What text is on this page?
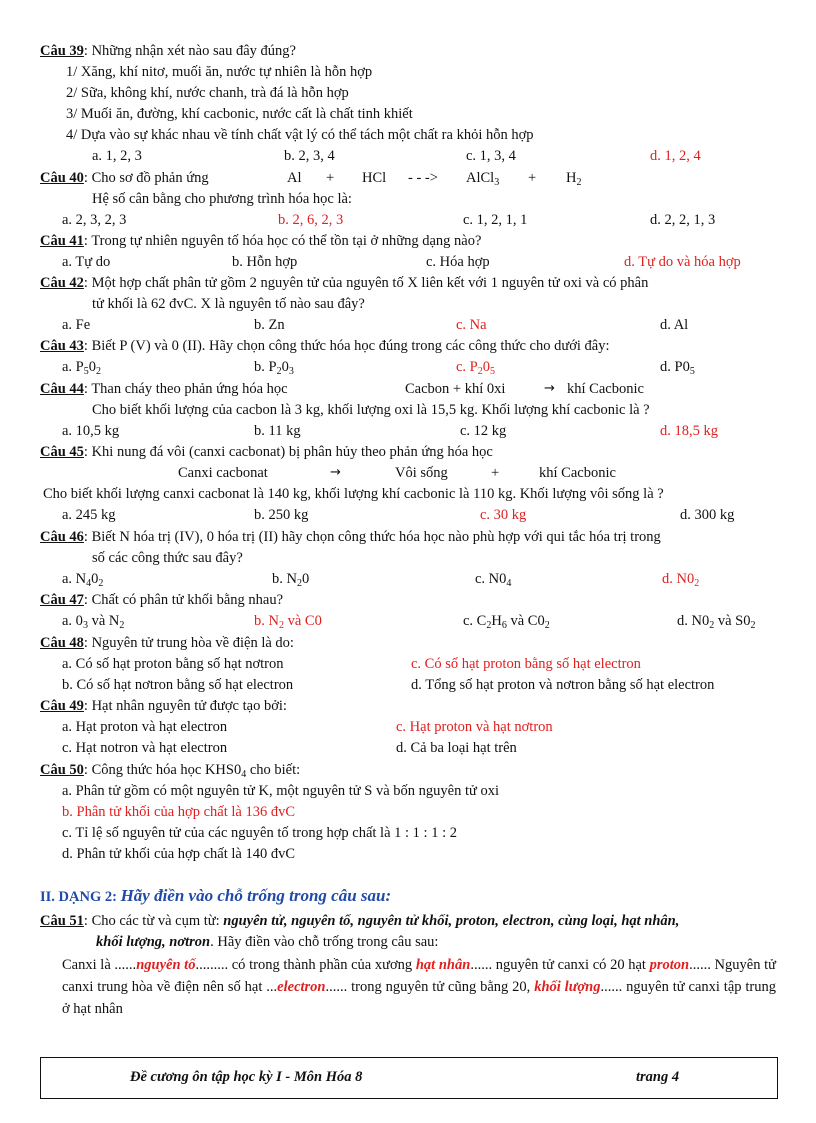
Câu 39: Những nhận xét nào sau đây đúng?
1/ Xăng, khí nitơ, muối ăn, nước tự nhiên là hỗn hợp
2/ Sữa, không khí, nước chanh, trà đá là hỗn hợp
3/ Muối ăn, đường, khí cacbonic, nước cất là chất tinh khiết
4/ Dựa vào sự khác nhau về tính chất vật lý có thể tách một chất ra khỏi hỗn hợp
a. 1, 2, 3	b. 2, 3, 4	c. 1, 3, 4	d. 1, 2, 4
Câu 40: Cho sơ đồ phản ứng	Al + HCl - - -> AlCl$_3$ + $H_2$
Hệ số cân bằng cho phương trình hóa học là:
a. 2, 3, 2, 3	b. 2, 6, 2, 3	c. 1, 2, 1, 1	d. 2, 2, 1, 3
Câu 41: Trong tự nhiên nguyên tố hóa học có thể tồn tại ở những dạng nào?
a. Tự do	b. Hỗn hợp	c. Hóa hợp	d. Tự do và hóa hợp
Câu 42: Một hợp chất phân tử gồm 2 nguyên tử của nguyên tố X liên kết với 1 nguyên tử oxi và có phân
tử khối là 62 đvC. X là nguyên tố nào sau đây?
a. Fe	b. Zn	c. Na	d. Al
Câu 43: Biết P (V) và 0 (II). Hãy chọn công thức hóa học đúng trong các công thức cho dưới đây:
a. $P_50_2$	b. $P_20_3$	c. $P_20_5$	d. $P0_5$
Câu 44: Than cháy theo phản ứng hóa học	Cacbon + khí 0xi	→ khí Cacbonic
Cho biết khối lượng của cacbon là 3 kg, khối lượng oxi là 15,5 kg. Khối lượng khí cacbonic là ?
a. 10,5 kg	b. 11 kg	c. 12 kg	d. 18,5 kg
Câu 45: Khi nung đá vôi (canxi cacbonat) bị phân hủy theo phản ứng hóa học
Canxi cacbonat	→	Vôi sống	+	khí Cacbonic
Cho biết khối lượng canxi cacbonat là 140 kg, khối lượng khí cacbonic là 110 kg. Khối lượng vôi sống là ?
a. 245 kg	b. 250 kg	c. 30 kg	d. 300 kg
Câu 46: Biết N hóa trị (IV), 0 hóa trị (II) hãy chọn công thức hóa học nào phù hợp với qui tắc hóa trị trong
số các công thức sau đây?
a. $N_40_2$	b. $N_20$	c. $N0_4$	d. $N0_2$
Câu 47: Chất có phân tử khối bằng nhau?
a. $0_3$ và $N_2$	b. $N_2$ và C0	c. $C_2H_6$ và $C0_2$	d. $N0_2$ và $S0_2$
Câu 48: Nguyên tử trung hòa về điện là do:
a. Có số hạt proton bằng số hạt nơtron	c. Có số hạt proton bằng số hạt electron
b. Có số hạt nơtron bằng số hạt electron	d. Tổng số hạt proton và nơtron bằng số hạt electron
Câu 49: Hạt nhân nguyên tử được tạo bởi:
a. Hạt proton và hạt electron	c. Hạt proton và hạt nơtron
c. Hạt notron và hạt electron	d. Cả ba loại hạt trên
Câu 50: Công thức hóa học $KHS0_4$ cho biết:
a. Phân tử gồm có một nguyên tử K, một nguyên tử S và bốn nguyên tử oxi
b. Phân tử khối của hợp chất là 136 đvC
c. Tỉ lệ số nguyên tử của các nguyên tố trong hợp chất là 1 : 1 : 1 : 2
d. Phân tử khối của hợp chất là 140 đvC
II. DẠNG 2: Hãy điền vào chỗ trống trong câu sau:
Câu 51: Cho các từ và cụm từ: nguyên tử, nguyên tố, nguyên tử khối, proton, electron, cùng loại, hạt nhân,
khối lượng, nơtron. Hãy điền vào chỗ trống trong câu sau:
Canxi là ......nguyên tố......... có trong thành phần của xương hạt nhân...... nguyên tử canxi có 20 hạt proton...... Nguyên tử canxi trung hòa về điện nên số hạt ...electron...... trong nguyên tử cũng bằng 20, khối lượng...... nguyên tử canxi tập trung ở hạt nhân
Đề cương ôn tập học kỳ I - Môn Hóa 8	trang 4
